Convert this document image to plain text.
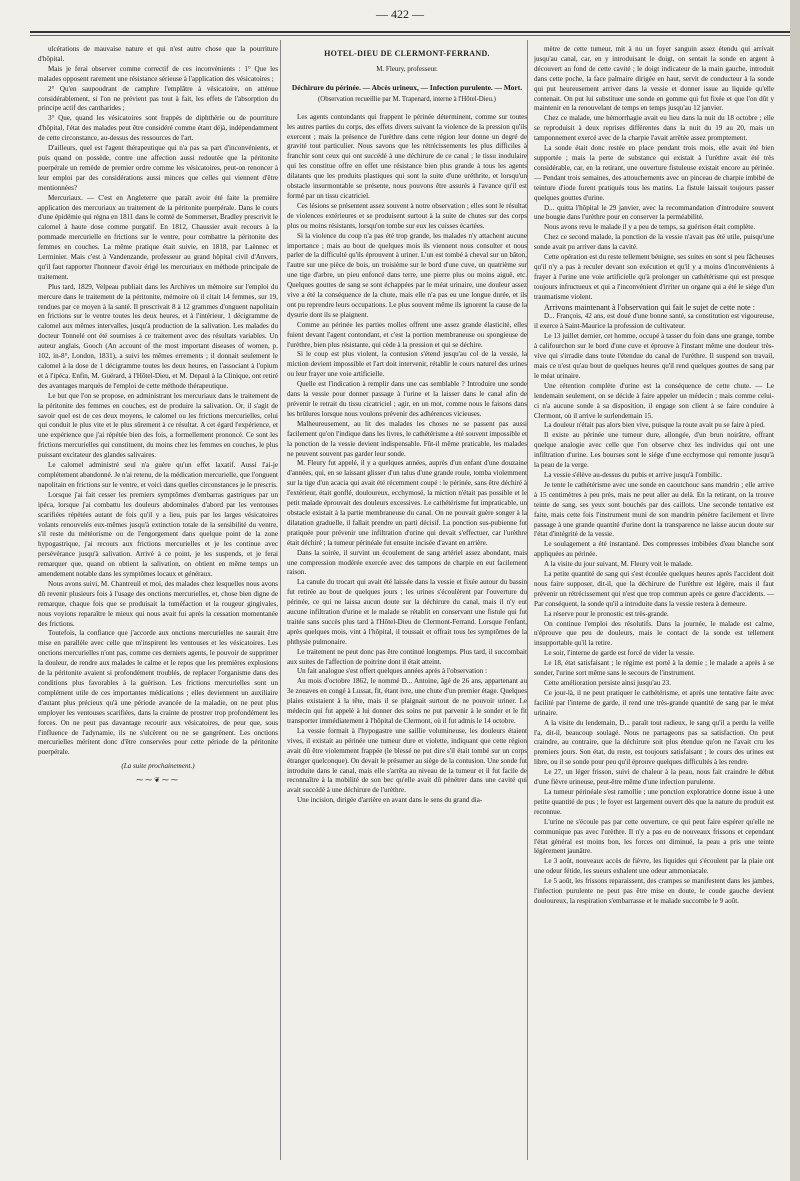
— 422 —

ulcérations de mauvaise nature et qui n'est autre chose que la pourriture d'hôpital.

Mais je ferai observer comme correctif de ces inconvénients : 1° Que les malades opposent rarement une résistance sérieuse à l'application des vésicatoires ;

2° Qu'en saupoudrant de camphre l'emplâtre à vésicatoire, on atténue considérablement, si l'on ne prévient pas tout à fait, les effets de l'absorption du principe actif des cantharides ;

3° Que, quand les vésicatoires sont frappés de diphthérie ou de pourriture d'hôpital, l'état des malades peut être considéré comme étant déjà, indépendamment de cette circonstance, au-dessus des ressources de l'art.

D'ailleurs, quel est l'agent thérapeutique qui n'a pas sa part d'inconvénients, et puis quand on possède, contre une affection aussi redoutée que la péritonite puerpérale un remède de premier ordre comme les vésicatoires, peut-on renoncer à leur emploi par des considérations aussi minces que celles qui viennent d'être mentionnées?

Mercuriaux. — C'est en Angleterre que paraît avoir été faite la première application des mercuriaux au traitement de la péritonite puerpérale. Dans le cours d'une épidémie qui régna en 1811 dans le comté de Sommerset, Bradley prescrivit le calomel à haute dose comme purgatif. En 1812, Chaussier avait recours à la pommade mercurielle en frictions sur le ventre, pour combattre la péritonite des femmes en couches. La même pratique était suivie, en 1818, par Laënnec et Lerminier. Mais c'est à Vandenzande, professeur au grand hôpital civil d'Anvers, qu'il faut rapporter l'honneur d'avoir érigé les mercuriaux en méthode principale de traitement.

Plus tard, 1829, Velpeau publiait dans les Archives un mémoire sur l'emploi du mercure dans le traitement de la péritonite, mémoire où il citait 14 femmes, sur 19, rendues par ce moyen à la santé. Il prescrivait 8 à 12 grammes d'onguent napolitain en frictions sur le ventre toutes les deux heures, et à l'intérieur, 1 décigramme de calomel aux mêmes intervalles, jusqu'à production de la salivation. Les malades du docteur Tonnelé ont été soumises à ce traitement avec des résultats variables. Un auteur anglais, Gooch (An account of the most important diseases of women, p. 102, in-8°, London, 1831), a suivi les mêmes errements ; il donnait seulement le calomel à la dose de 1 décigramme toutes les deux heures, en l'associant à l'opium et à l'ipéca. Enfin, M. Guérard, à l'Hôtel-Dieu, et M. Depaul à la Clinique, ont retiré des avantages marqués de l'emploi de cette méthode thérapeutique.

Le but que l'on se propose, en administrant les mercuriaux dans le traitement de la péritonite des femmes en couches, est de produire la salivation. Or, il s'agit de savoir quel est de ces deux moyens, le calomel ou les frictions mercurielles, celui qui conduit le plus vite et le plus sûrement à ce résultat. A cet égard l'expérience, et une expérience que j'ai répétée bien des fois, a formellement prononcé. Ce sont les frictions mercurielles qui constituent, du moins chez les femmes en couches, le plus puissant excitateur des glandes salivaires.

Le calomel administré seul n'a guère qu'un effet laxatif. Aussi l'ai-je complétement abandonné. Je n'ai retenu, de la médication mercurielle, que l'onguent napolitain en frictions sur le ventre, et voici dans quelles circonstances je le prescris.

Lorsque j'ai fait cesser les premiers symptômes d'embarras gastriques par un ipéca, lorsque j'ai combattu les douleurs abdominales d'abord par les ventouses scarifiées répétées autant de fois qu'il y a lieu, puis par les larges vésicatoires volants renouvelés eux-mêmes jusqu'à extinction totale de la sensibilité du ventre, s'il reste du météorisme ou de l'engorgement dans quelque point de la zone hypogastrique, j'ai recours aux frictions mercurielles et je les continue avec persévérance jusqu'à salivation. Arrivé à ce point, je les suspends, et je ferai remarquer que, quand on obtient la salivation, on obtient en même temps un amendement notable dans les symptômes locaux et généraux.

Nous avons suivi, M. Chantreuil et moi, des malades chez lesquelles nous avons dû revenir plusieurs fois à l'usage des onctions mercurielles, et, chose bien digne de remarque, chaque fois que se produisait la tuméfaction et la rougeur gingivales, nous voyions reparaître le mieux qui nous avait fui après la cessation momentanée des frictions.

Toutefois, la confiance que j'accorde aux onctions mercurielles ne saurait être mise en parallèle avec celle que m'inspirent les ventouses et les vésicatoires. Les onctions mercurielles n'ont pas, comme ces derniers agents, le pouvoir de supprimer la douleur, de rendre aux malades le calme et le repos que les premières explosions de la péritonite avaient si profondément troublés, de replacer l'organisme dans des conditions plus favorables à la guérison. Les frictions mercurielles sont un complément utile de ces importantes médications ; elles deviennent un auxiliaire d'autant plus précieux qu'à une période avancée de la maladie, on ne peut plus employer les ventouses scarifiées, dans la crainte de prostrer trop profondément les forces. On ne peut pas davantage recourir aux vésicatoires, de peur que, sous l'influence de l'adynamie, ils ne s'ulcèrent ou ne se gangrènent. Les onctions mercurielles méritent donc d'être conservées pour cette période de la péritonite puerpérale.

(La suite prochainement.)
⁓⁓❦⁓⁓
HOTEL-DIEU DE CLERMONT-FERRAND.
M. Fleury, professeur.
Déchirure du périnée. — Abcès urineux, — Infection purulente. — Mort.
(Observation recueillie par M. Trapenard, interne à l'Hôtel-Dieu.)

Les agents contondants qui frappent le périnée déterminent, comme sur toutes les autres parties du corps, des effets divers suivant la violence de la pression qu'ils exercent ; mais la présence de l'urèthre dans cette région leur donne un degré de gravité tout particulier. Nous savons que les rétrécissements les plus difficiles à franchir sont ceux qui ont succédé à une déchirure de ce canal ; le tissu inodulaire qui les constitue offre en effet une résistance bien plus grande à tous les agents dilatants que les produits plastiques qui sont la suite d'une uréthrite, et lorsqu'un obstacle insurmontable se présente, nous pouvons être assurés à l'avance qu'il est formé par un tissu cicatriciel.

Ces lésions se présentent assez souvent à notre observation ; elles sont le résultat de violences extérieures et se produisent surtout à la suite de chutes sur des corps plus ou moins résistants, lorsqu'on tombe sur eux les cuisses écartées.

Si la violence du coup n'a pas été trop grande, les malades n'y attachent aucune importance ; mais au bout de quelques mois ils viennent nous consulter et nous parler de la difficulté qu'ils éprouvent à uriner. L'un est tombé à cheval sur un bâton, l'autre sur une pièce de bois, un troisième sur le bord d'une cuve, un quatrième sur une tige d'arbre, un pieu enfoncé dans terre, une pierre plus ou moins aiguë, etc. Quelques gouttes de sang se sont échappées par le méat urinaire, une douleur assez vive a été la conséquence de la chute, mais elle n'a pas eu une longue durée, et ils ont pu reprendre leurs occupations. Le plus souvent même ils ignorent la cause de la dysurie dont ils se plaignent.

Comme au périnée les parties molles offrent une assez grande élasticité, elles fuient devant l'agent contondant, et c'est la portion membraneuse ou spongieuse de l'urèthre, bien plus résistante, qui cède à la pression et qui se déchire.

Si le coup est plus violent, la contusion s'étend jusqu'au col de la vessie, la miction devient impossible et l'art doit intervenir, rétablir le cours naturel des urines ou leur frayer une voie artificielle.

Quelle est l'indication à remplir dans une cas semblable ? Introduire une sonde dans la vessie pour donner passage à l'urine et la laisser dans le canal afin de prévenir le retrait du tissu cicatriciel ; agir, en un mot, comme nous le faisons dans les brûlures lorsque nous voulons prévenir des adhérences vicieuses.

Malheureusement, au lit des malades les choses ne se passent pas aussi facilement qu'on l'indique dans les livres, le cathétérisme a été souvent impossible et la ponction de la vessie devient indispensable. Fût-il même praticable, les malades ne peuvent souvent pas garder leur sonde.

M. Fleury fut appelé, il y a quelques années, auprès d'un enfant d'une douzaine d'années, qui, en se laissant glisser d'un talus d'une grande roule, tomba violemment sur la tige d'un acacia qui avait été récemment coupé : le périnée, sans être déchiré à l'extérieur, était gonflé, douloureux, ecchymosé, la miction n'était pas possible et le petit malade éprouvait des douleurs excessives. Le cathétérisme fut impraticable, un obstacle existait à la partie membraneuse du canal. On ne pouvait guère songer à la dilatation graduelle, il fallait prendre un parti décisif. La ponction sus-pubienne fut pratiquée pour prévenir une infiltration d'urine qui devait s'effectuer, car l'urèthre était déchiré ; la tumeur périnéale fut ensuite incisée d'avant en arrière.

Dans la soirée, il survint un écoulement de sang artériel assez abondant, mais une compression modérée exercée avec des tampons de charpie en eut facilement raison.

La canule du trocart qui avait été laissée dans la vessie et fixée autour du bassin fut retirée au bout de quelques jours ; les urines s'écoulèrent par l'ouverture du périnée, ce qui ne laissa aucun doute sur la déchirure du canal, mais il n'y eut aucune infiltration d'urine et le malade se rétablit en conservant une fistule qui fut traitée sans succès plus tard à l'Hôtel-Dieu de Clermont-Ferrand. Lorsque l'enfant, après quelques mois, vint à l'hôpital, il toussait et offrait tous les symptômes de la phthysie pulmonaire.

Le traitement ne peut donc pas être continué longtemps. Plus tard, il succombait aux suites de l'affection de poitrine dont il était atteint.

Un fait analogue s'est offert quelques années après à l'observation :

Au mois d'octobre 1862, le nommé D... Antoine, âgé de 26 ans, appartenant au 3e zouaves en congé à Lussat, fit, étant ivre, une chute d'un premier étage. Quelques plaies existaient à la tête, mais il se plaignait surtout de ne pouvoir uriner. Le médecin qui fut appelé à lui donner des soins ne put parvenir à le sonder et le fit transporter immédiatement à l'hôpital de Clermont, où il fut admis le 14 octobre.

La vessie formait à l'hypogastre une saillie volumineuse, les douleurs étaient vives, il existait au périnée une tumeur dure et violette, indiquant que cette région avait dû être violemment frappée (le blessé ne put dire s'il était tombé sur un corps étranger quelconque). On devait le présumer au siège de la contusion. Une sonde fut introduite dans le canal, mais elle s'arrêta au niveau de la tumeur et il fut facile de reconnaître à la mobilité de son bec qu'elle avait dû pénétrer dans une cavité qui avait succédé à une déchirure de l'urèthre.

Une incision, dirigée d'arrière en avant dans le sens du grand dia-

mètre de cette tumeur, mit à nu un foyer sanguin assez étendu qui arrivait jusqu'au canal, car, en y introduisant le doigt, on sentait la sonde en argent à découvert au fond de cette cavité ; le doigt indicateur de la main gauche, introduit dans cette poche, la face palmaire dirigée en haut, servit de conducteur à la sonde qui put heureusement arriver dans la vessie et donner issue au liquide qu'elle contenait. On put lui substituer une sonde en gomme qui fut fixée et que l'on dût y maintenir en la renouvelant de temps en temps jusqu'au 12 janvier.

Chez ce malade, une hémorrhagie avait eu lieu dans la nuit du 18 octobre ; elle se reproduisit à deux reprises différentes dans la nuit du 19 au 20, mais un tamponnement exercé avec de la charpie l'avait arrêtée assez promptement.

La sonde était donc restée en place pendant trois mois, elle avait été bien supportée ; mais la perte de substance qui existait à l'urèthre avait été très considérable, car, en la retirant, une ouverture fistuleuse existait encore au périnée. — Pendant trois semaines, des attouchements avec un pinceau de charpie imbibé de teinture d'iode furent pratiqués tous les matins. La fistule laissait toujours passer quelques gouttes d'urine.

D... quitta l'hôpital le 29 janvier, avec la recommandation d'introduire souvent une bougie dans l'urèthre pour en conserver la perméabilité.

Nous avons revu le malade il y a peu de temps, sa guérison était complète.

Chez ce second malade, la ponction de la vessie n'avait pas été utile, puisqu'une sonde avait pu arriver dans la cavité.

Cette opération est du reste tellement bénigne, ses suites en sont si peu fâcheuses qu'il n'y a pas à reculer devant son exécution et qu'il y a moins d'inconvénients à frayer à l'urine une voie artificielle qu'à prolonger un cathétérisme qui est presque toujours infructueux et qui a l'inconvénient d'irriter un organe qui a été le siége d'un traumatisme violent.

Arrivons maintenant à l'observation qui fait le sujet de cette note :

D... François, 42 ans, est doué d'une bonne santé, sa constitution est vigoureuse, il exerce à Saint-Maurice la profession de cultivateur.

Le 13 juillet dernier, cet homme, occupé à tasser du foin dans une grange, tombe à califourchon sur le bord d'une cuve et éprouve à l'instant même une douleur très-vive qui s'irradie dans toute l'étendue du canal de l'urèthre. Il suspend son travail, mais ce n'est qu'au bout de quelques heures qu'il rend quelques gouttes de sang par le méat urinaire.

Une rétention complète d'urine est la conséquence de cette chute. — Le lendemain seulement, on se décide à faire appeler un médecin ; mais comme celui-ci n'a aucune sonde à sa disposition, il engage son client à se faire conduire à Clermont, où il arrive le surlendemain 15.

La douleur n'était pas alors bien vive, puisque la route avait pu se faire à pied.

Il existe au périnée une tumeur dure, allongée, d'un brun noirâtre, offrant quelque analogie avec celle que l'on observe chez les individus qui ont une infiltration d'urine. Les bourses sont le siége d'une ecchymose qui remonte jusqu'à la peau de la verge.

La vessie s'élève au-dessus du pubis et arrive jusqu'à l'ombilic.

Je tente le cathétérisme avec une sonde en caoutchouc sans mandrin ; elle arrive à 15 centimètres à peu près, mais ne peut aller au delà. En la retirant, on la trouve teinte de sang, ses yeux sont bouchés par des caillots. Une seconde tentative est faite, mais cette fois l'instrument muni de son mandrin pénètre facilement et livre passage à une grande quantité d'urine dont la transparence ne laisse aucun doute sur l'état d'intégrité de la vessie.

Le soulagement a été instantané. Des compresses imbibées d'eau blanche sont appliquées au périnée.

A la visite du jour suivant, M. Fleury voit le malade.

La petite quantité de sang qui s'est écoulée quelques heures après l'accident doit nous faire supposer, dit-il, que la déchirure de l'urèthre est légère, mais il faut prévenir un rétrécissement qui n'est que trop commun après ce genre d'accidents. — Par conséquent, la sonde qu'il a introduite dans la vessie restera à demeure.

La réserve pour le pronostic est très-grande.

On continue l'emploi des résolutifs. Dans la journée, le malade est calme, n'éprouve que peu de douleurs, mais le contact de la sonde est tellement insupportable qu'il la retire.

Le soir, l'interne de garde est forcé de vider la vessie.

Le 18, état satisfaisant ; le régime est porté à la demie ; le malade a après à se sonder, l'urine sort même sans le secours de l'instrument.

Cette amélioration persiste ainsi jusqu'au 23.

Ce jour-là, il ne peut pratiquer le cathétérisme, et après une tentative faite avec facilité par l'interne de garde, il rend une très-grande quantité de sang par le méat urinaire.

A la visite du lendemain, D... paraît tout radieux, le sang qu'il a perdu la veille l'a, dit-il, beaucoup soulagé. Nous ne partageons pas sa satisfaction. On peut craindre, au contraire, que la déchirure soit plus étendue qu'on ne l'avait cru les premiers jours. Son état, du reste, est toujours satisfaisant ; le cours des urines est libre, ou il se sonde pour peu qu'il éprouve quelques difficultés à les rendre.

Le 27, un léger frisson, suivi de chaleur à la peau, nous fait craindre le début d'une fièvre urineuse, peut-être même d'une infection purulente.

La tumeur périnéale s'est ramollie ; une ponction exploratrice donne issue à une petite quantité de pus ; le foyer est largement ouvert dès que la nature du produit est reconnue.

L'urine ne s'écoule pas par cette ouverture, ce qui peut faire espérer qu'elle ne communique pas avec l'urèthre. Il n'y a pas eu de nouveaux frissons et cependant l'état général est moins bon, les forces ont diminué, la peau a pris une teinte légèrement jaunâtre.

Le 3 août, nouveaux accès de fièvre, les liquides qui s'écoulent par la plaie ont une odeur fétide, les sueurs exhalent une odeur ammoniacale.

Le 5 août, les frissons reparaissent, des crampes se manifestent dans les jambes, l'infection purulente ne peut pas être mise en doute, le coude gauche devient douloureux, la respiration s'embarrasse et le malade succombe le 9 août.
